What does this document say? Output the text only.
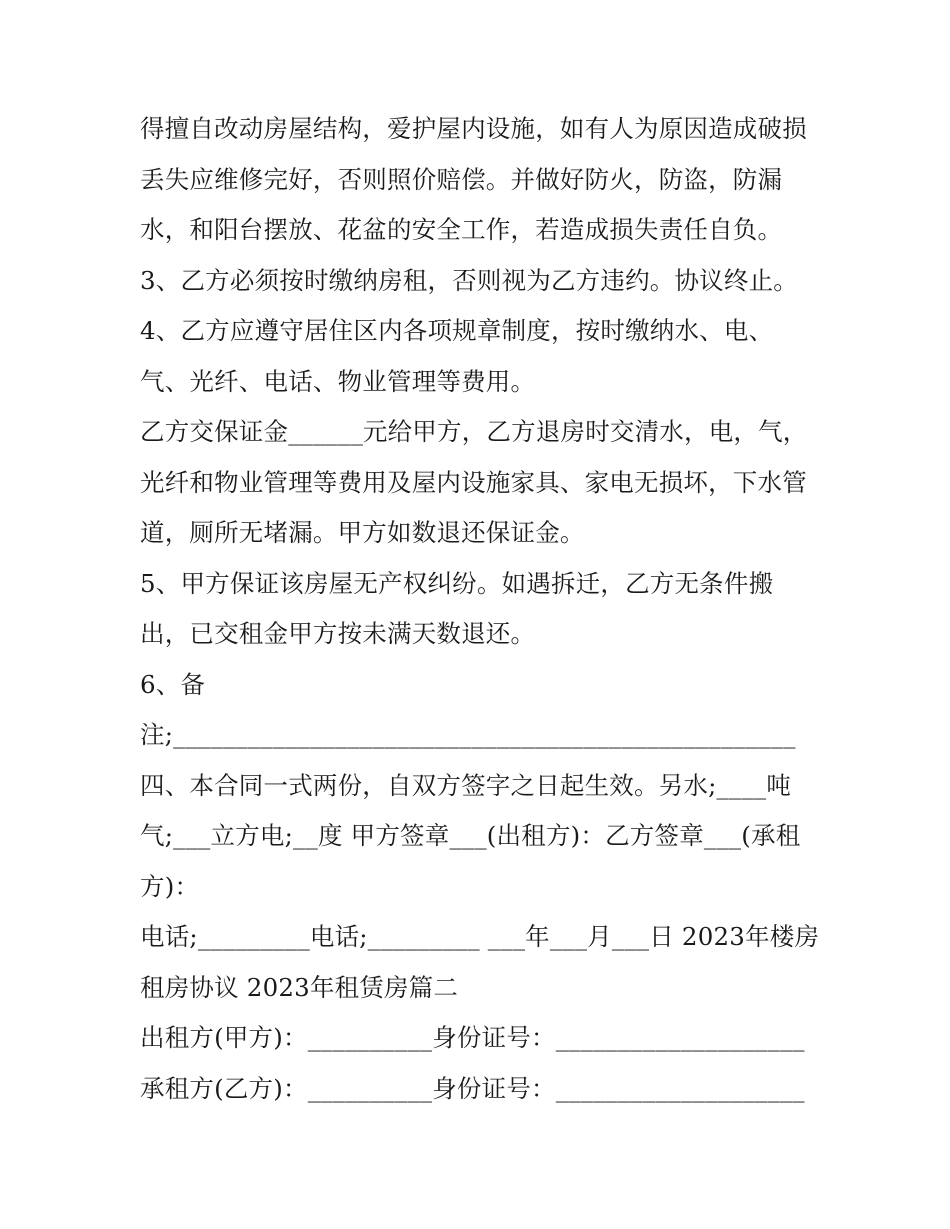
得擅自改动房屋结构，爱护屋内设施，如有人为原因造成破损
丢失应维修完好，否则照价赔偿。并做好防火，防盗，防漏
水，和阳台摆放、花盆的安全工作，若造成损失责任自负。
3、乙方必须按时缴纳房租，否则视为乙方违约。协议终止。
4、乙方应遵守居住区内各项规章制度，按时缴纳水、电、
气、光纤、电话、物业管理等费用。
乙方交保证金______元给甲方，乙方退房时交清水，电，气，
光纤和物业管理等费用及屋内设施家具、家电无损坏，下水管
道，厕所无堵漏。甲方如数退还保证金。
5、甲方保证该房屋无产权纠纷。如遇拆迁，乙方无条件搬
出，已交租金甲方按未满天数退还。
6、备
注;__________________________________________________
四、本合同一式两份，自双方签字之日起生效。另水;____吨
气;___立方电;__度 甲方签章___(出租方)：乙方签章___(承租
方)：
电话;_________电话;_________ ___年___月___日 2023年楼房
租房协议 2023年租赁房篇二
出租方(甲方)：__________身份证号：____________________
承租方(乙方)：__________身份证号：____________________
